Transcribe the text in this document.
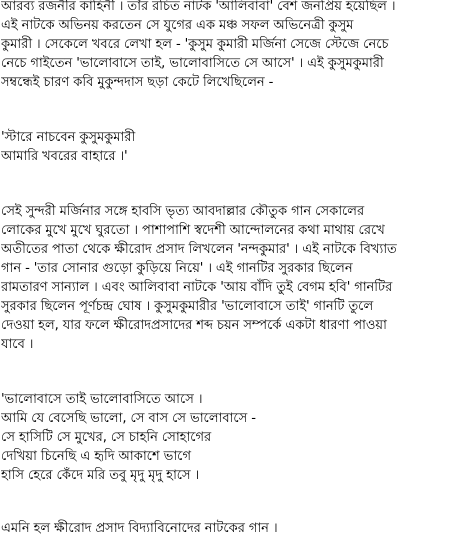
আরব্য রজনীর কাহিনী । তাঁর রচিত নাটক 'আলিবাবা' বেশ জনপ্রিয় হয়েছিল ।
এই নাটকে অভিনয় করতেন সে যুগের এক মঞ্চ সফল অভিনেত্রী কুসুম
কুমারী । সেকেলে খবরে লেখা হল - 'কুসুম কুমারী মর্জিনা সেজে স্টেজে নেচে
নেচে গাইতেন 'ভালোবাসে তাই, ভালোবাসিতে সে আসে' । এই কুসুমকুমারী
সম্বন্ধেই চারণ কবি মুকুন্দদাস ছড়া কেটে লিখেছিলেন -
'স্টারে নাচবেন কুসুমকুমারী
আমারি খবরের বাহারে ।'
সেই সুন্দরী মর্জিনার সঙ্গে হাবসি ভৃত্য আবদাল্লার কৌতুক গান সেকালের
লোকের মুখে মুখে ঘুরতো । পাশাপাশি স্বদেশী আন্দোলনের কথা মাথায় রেখে
অতীতের পাতা থেকে ক্ষীরোদ প্রসাদ লিখলেন 'নন্দকুমার' । এই নাটকে বিখ্যাত
গান - 'তার সোনার গুড়ো কুড়িয়ে নিয়ে' । এই গানটির সুরকার ছিলেন
রামতারণ সান্যাল । এবং আলিবাবা নাটকে 'আয় বাঁদি তুই বেগম হবি' গানটির
সুরকার ছিলেন পূর্ণচন্দ্র ঘোষ । কুসুমকুমারীর 'ভালোবাসে তাই' গানটি তুলে
দেওয়া হল, যার ফলে ক্ষীরোদপ্রসাদের শব্দ চয়ন সম্পর্কে একটা ধারণা পাওয়া
যাবে ।
'ভালোবাসে তাই ভালোবাসিতে আসে ।
আমি যে বেসেছি ভালো, সে বাস সে ভালোবাসে -
সে হাসিটি সে মুখের, সে চাহনি সোহাগের
দেখিয়া চিনেছি এ হৃদি আকাশে ভাগে
হাসি হেরে কেঁদে মরি তবু মৃদু মৃদু হাসে ।
এমনি হল ক্ষীরোদ প্রসাদ বিদ্যাবিনোদের নাটকের গান ।
